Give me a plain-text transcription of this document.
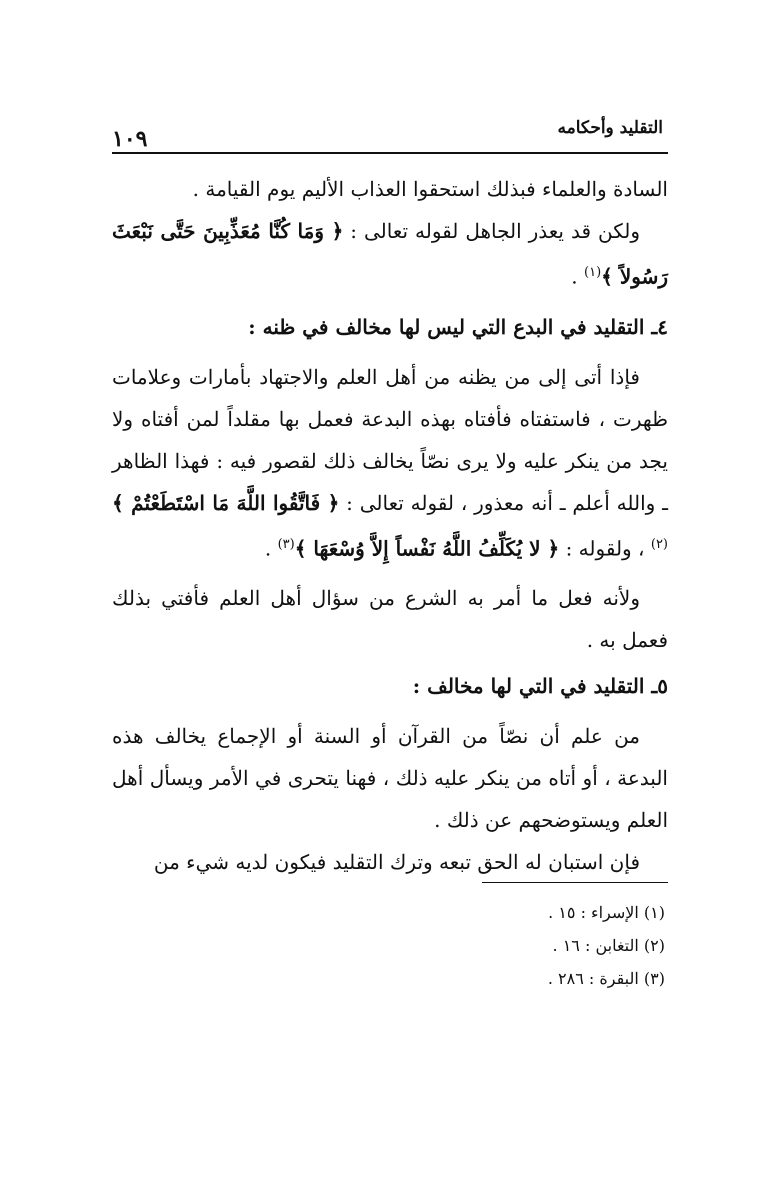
١٠٩	التقليد وأحكامه

السادة والعلماء فبذلك استحقوا العذاب الأليم يوم القيامة .

ولكن قد يعذر الجاهل لقوله تعالى : ﴿ وَمَا كُنَّا مُعَذِّبِينَ حَتَّى نَبْعَثَ رَسُولاً ﴾$^{(١)}$ .

٤ـ التقليد في البدع التي ليس لها مخالف في ظنه :

فإذا أتى إلى من يظنه من أهل العلم والاجتهاد بأمارات وعلامات ظهرت ، فاستفتاه فأفتاه بهذه البدعة فعمل بها مقلداً لمن أفتاه ولا يجد من ينكر عليه ولا يرى نصّاً يخالف ذلك لقصور فيه : فهذا الظاهر ـ والله أعلم ـ أنه معذور ، لقوله تعالى : ﴿ فَاتَّقُوا اللَّهَ مَا اسْتَطَعْتُمْ ﴾$^{(٢)}$ ، ولقوله : ﴿ لا يُكَلِّفُ اللَّهُ نَفْساً إِلاَّ وُسْعَهَا ﴾$^{(٣)}$ .

ولأنه فعل ما أمر به الشرع من سؤال أهل العلم فأفتي بذلك فعمل به .

٥ـ التقليد في التي لها مخالف :

من علم أن نصّاً من القرآن أو السنة أو الإجماع يخالف هذه البدعة ، أو أتاه من ينكر عليه ذلك ، فهنا يتحرى في الأمر ويسأل أهل العلم ويستوضحهم عن ذلك .

فإن استبان له الحق تبعه وترك التقليد فيكون لديه شيء من

(١) الإسراء : ١٥ .
(٢) التغابن : ١٦ .
(٣) البقرة : ٢٨٦ .
